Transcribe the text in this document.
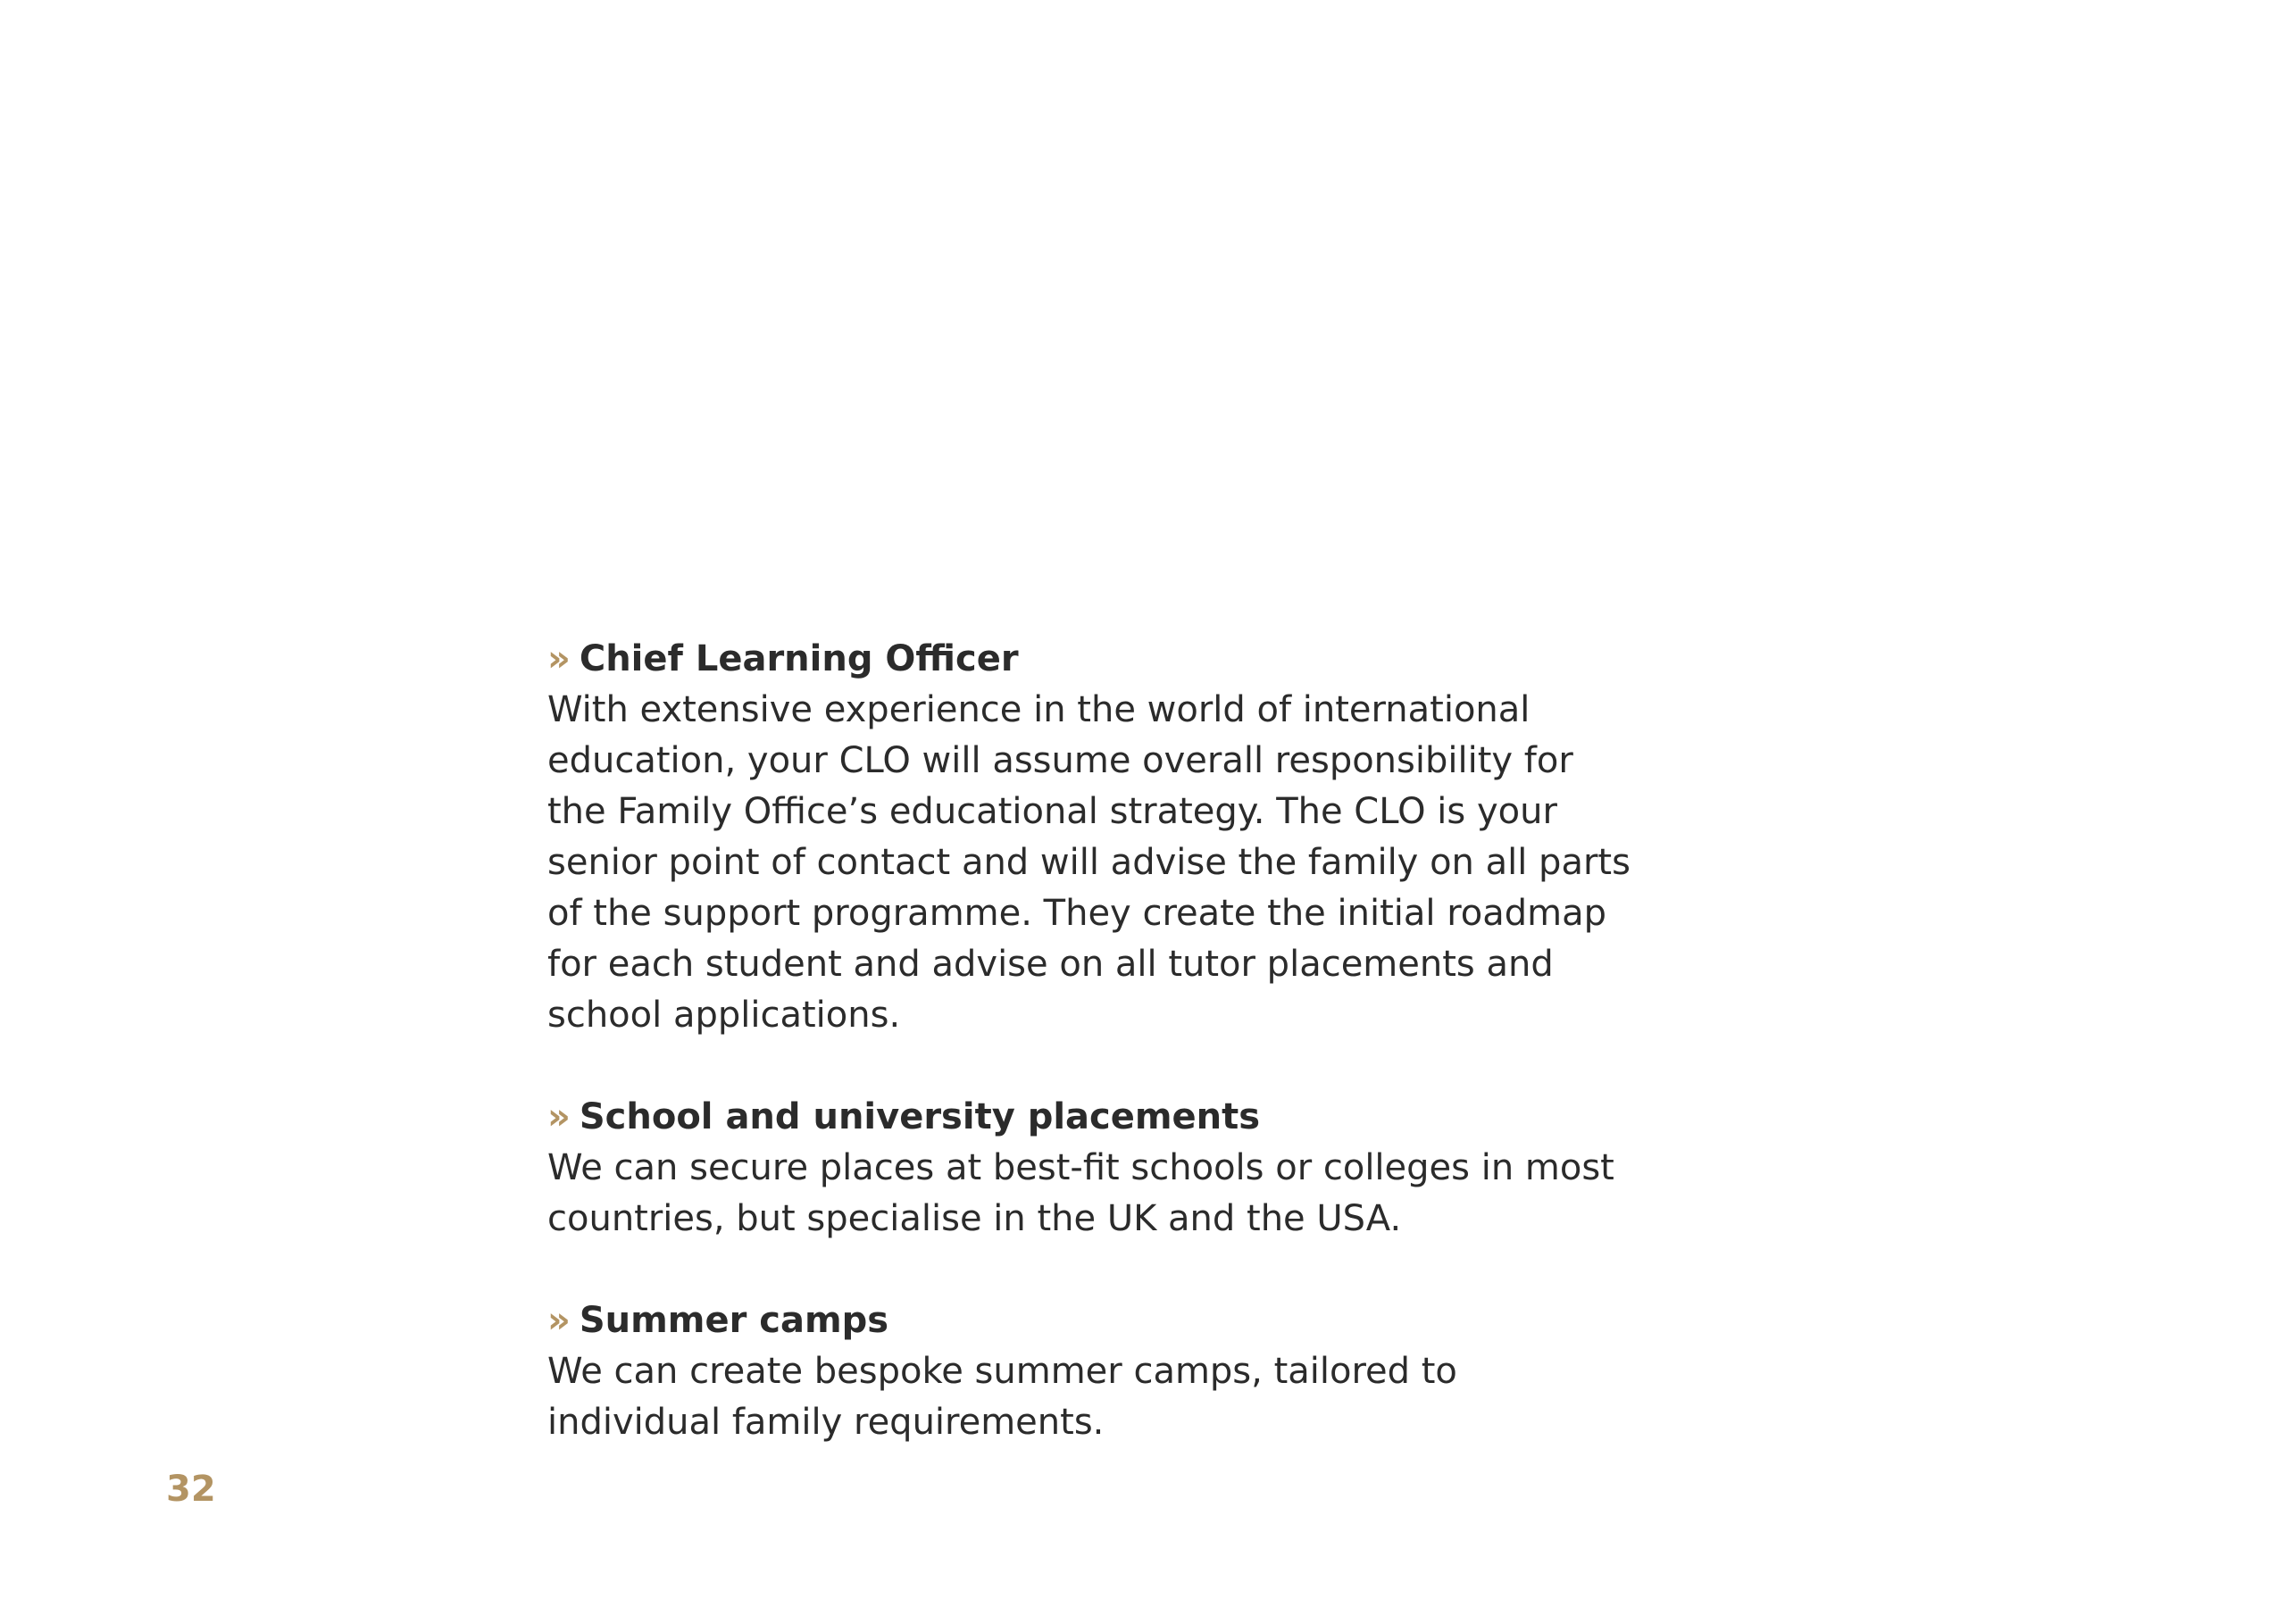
» Chief Learning Officer

With extensive experience in the world of international

education, your CLO will assume overall responsibility for

the Family Office’s educational strategy. The CLO is your

senior point of contact and will advise the family on all parts

of the support programme. They create the initial roadmap

for each student and advise on all tutor placements and

school applications.

» School and university placements

We can secure places at best-fit schools or colleges in most

countries, but specialise in the UK and the USA.

» Summer camps

We can create bespoke summer camps, tailored to

individual family requirements.

32
